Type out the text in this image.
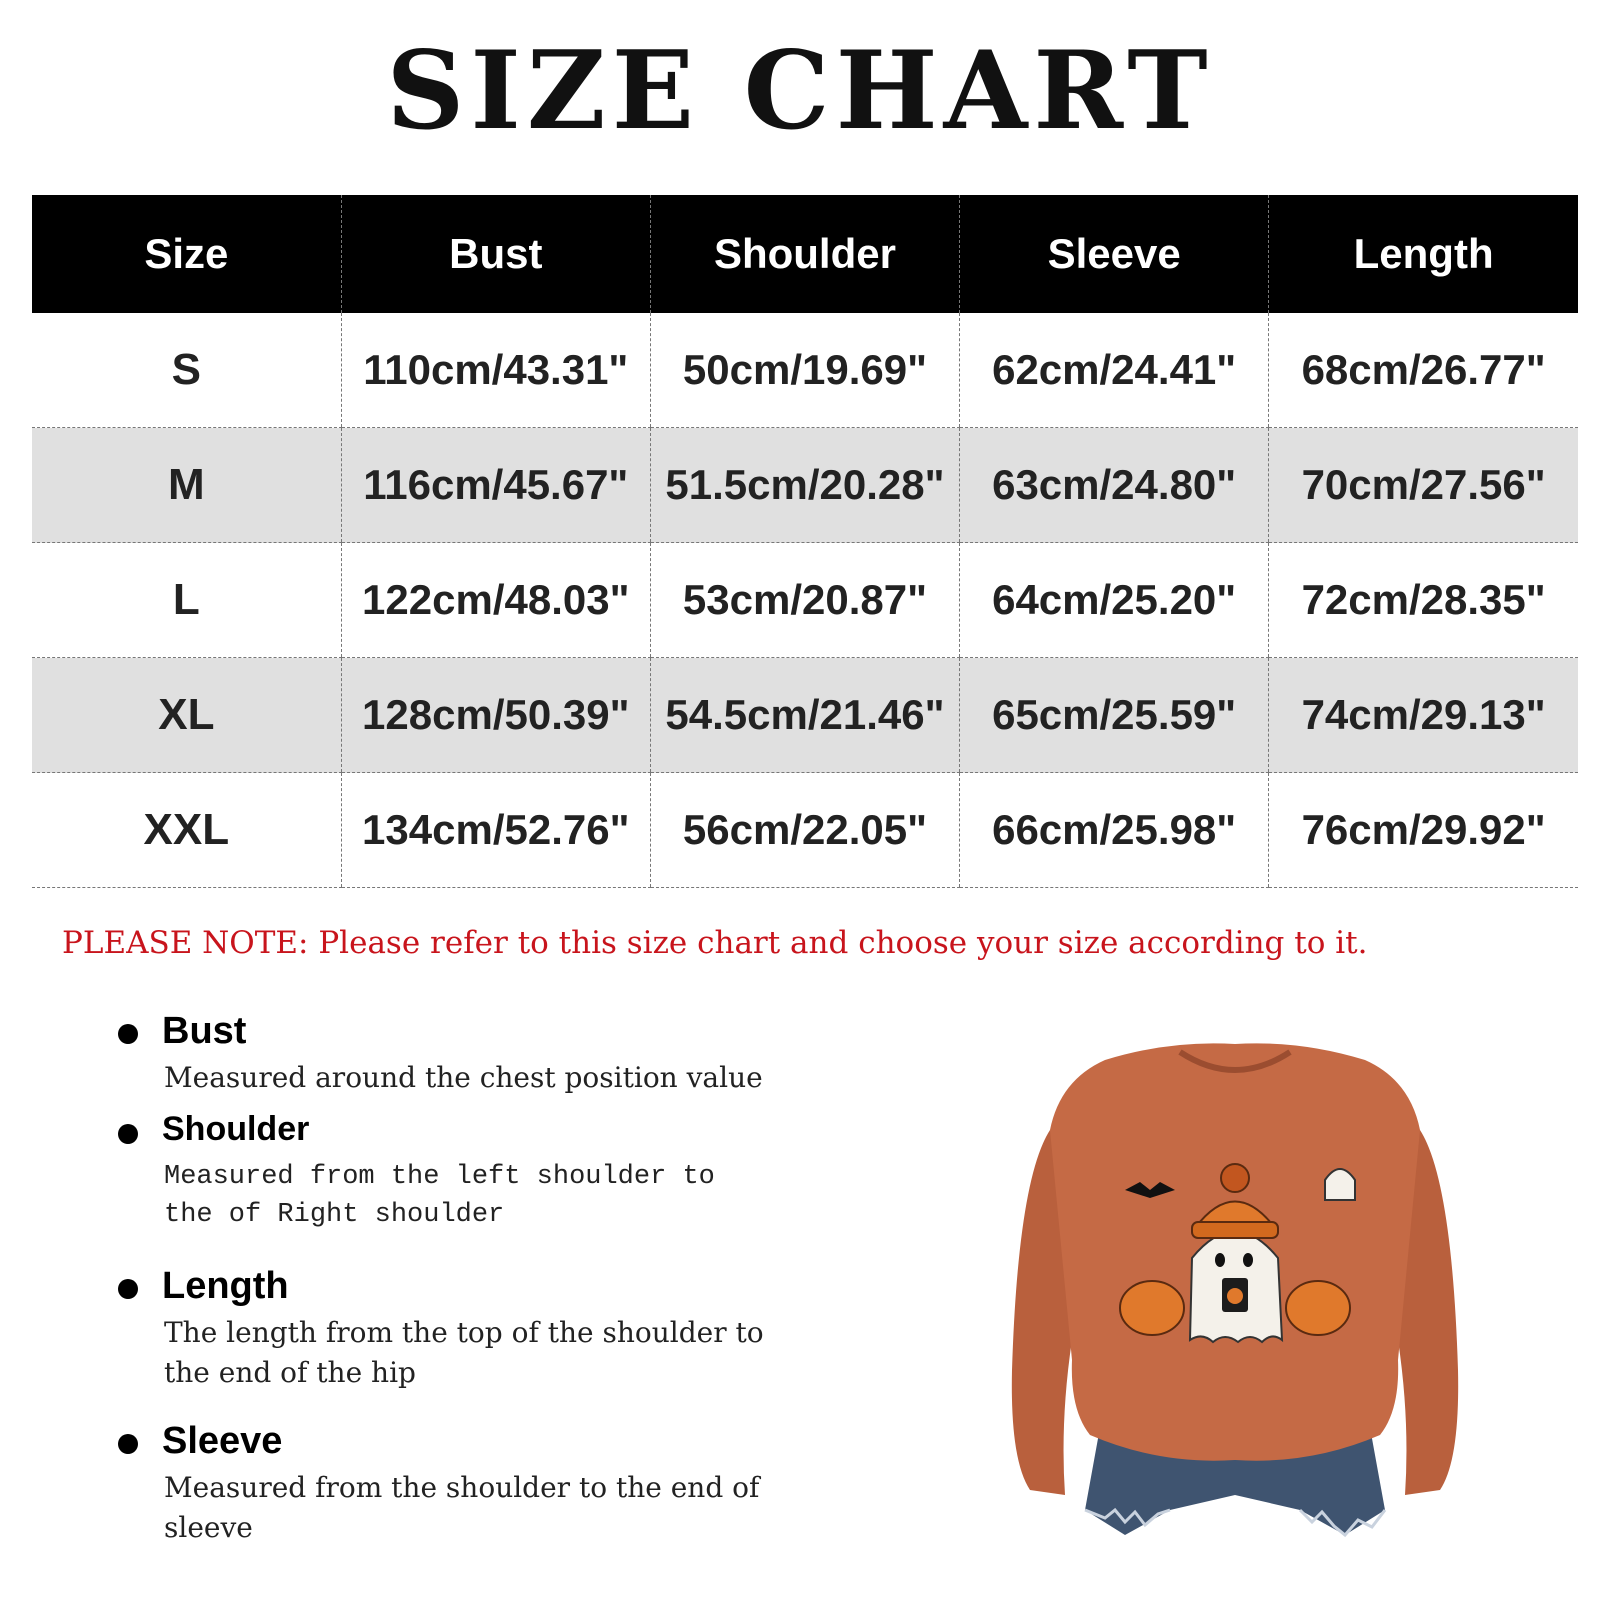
SIZE CHART
Size	Bust	Shoulder	Sleeve	Length
S	110cm/43.31"	50cm/19.69"	62cm/24.41"	68cm/26.77"
M	116cm/45.67"	51.5cm/20.28"	63cm/24.80"	70cm/27.56"
L	122cm/48.03"	53cm/20.87"	64cm/25.20"	72cm/28.35"
XL	128cm/50.39"	54.5cm/21.46"	65cm/25.59"	74cm/29.13"
XXL	134cm/52.76"	56cm/22.05"	66cm/25.98"	76cm/29.92"
PLEASE NOTE: Please refer to this size chart and choose your size according to it.
Bust
Measured around the chest position value
Shoulder
Measured from the left shoulder to the of Right shoulder
Length
The length from the top of the shoulder to the end of the hip
Sleeve
Measured from the shoulder to the end of sleeve
